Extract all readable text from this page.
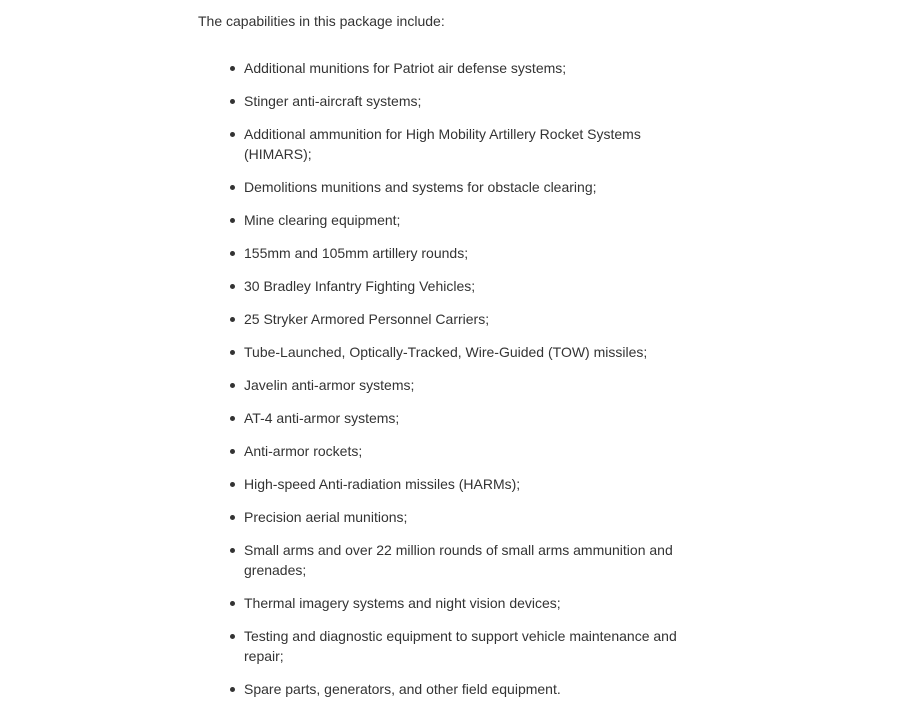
The capabilities in this package include:

Additional munitions for Patriot air defense systems;
Stinger anti-aircraft systems;
Additional ammunition for High Mobility Artillery Rocket Systems (HIMARS);
Demolitions munitions and systems for obstacle clearing;
Mine clearing equipment;
155mm and 105mm artillery rounds;
30 Bradley Infantry Fighting Vehicles;
25 Stryker Armored Personnel Carriers;
Tube-Launched, Optically-Tracked, Wire-Guided (TOW) missiles;
Javelin anti-armor systems;
AT-4 anti-armor systems;
Anti-armor rockets;
High-speed Anti-radiation missiles (HARMs);
Precision aerial munitions;
Small arms and over 22 million rounds of small arms ammunition and grenades;
Thermal imagery systems and night vision devices;
Testing and diagnostic equipment to support vehicle maintenance and repair;
Spare parts, generators, and other field equipment.
